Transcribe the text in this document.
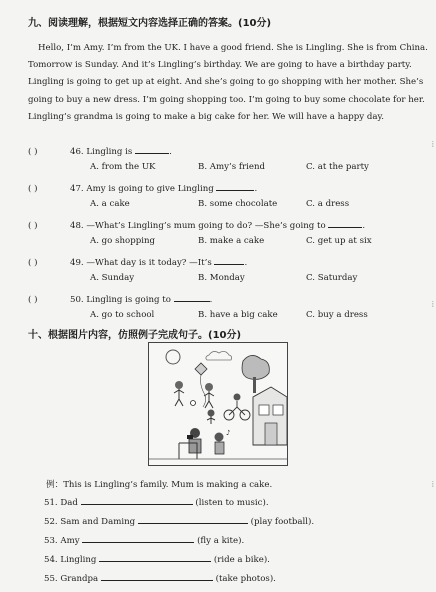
九、阅读理解，根据短文内容选择正确的答案。(10分)

Hello, I’m Amy. I’m from the UK. I have a good friend. She is Lingling. She is from China.

Tomorrow is Sunday. And it’s Lingling’s birthday. We are going to have a birthday party.

Lingling is going to get up at eight. And she’s going to go shopping with her mother. She’s

going to buy a new dress. I’m going shopping too. I’m going to buy some chocolate for her.

Lingling’s grandma is going to make a big cake for her. We will have a happy day.

( )	46. Lingling is	.
A. from the UK	B. Amy’s friend	C. at the party
( )	47. Amy is going to give Lingling	.
A. a cake	B. some chocolate	C. a dress
( )	48. —What’s Lingling’s mum going to do? —She’s going to	.
A. go shopping	B. make a cake	C. get up at six
( )	49. —What day is it today? —It’s	.
A. Sunday	B. Monday	C. Saturday
( )	50. Lingling is going to	.
A. go to school	B. have a big cake	C. buy a dress
十、根据图片内容，仿照例子完成句子。(10分)
♪
例：This is Lingling’s family. Mum is making a cake.
51. Dad	(listen to music).
52. Sam and Daming	(play football).
53. Amy	(fly a kite).
54. Lingling	(ride a bike).
55. Grandpa	(take photos).
⁞
⁞
⁞
